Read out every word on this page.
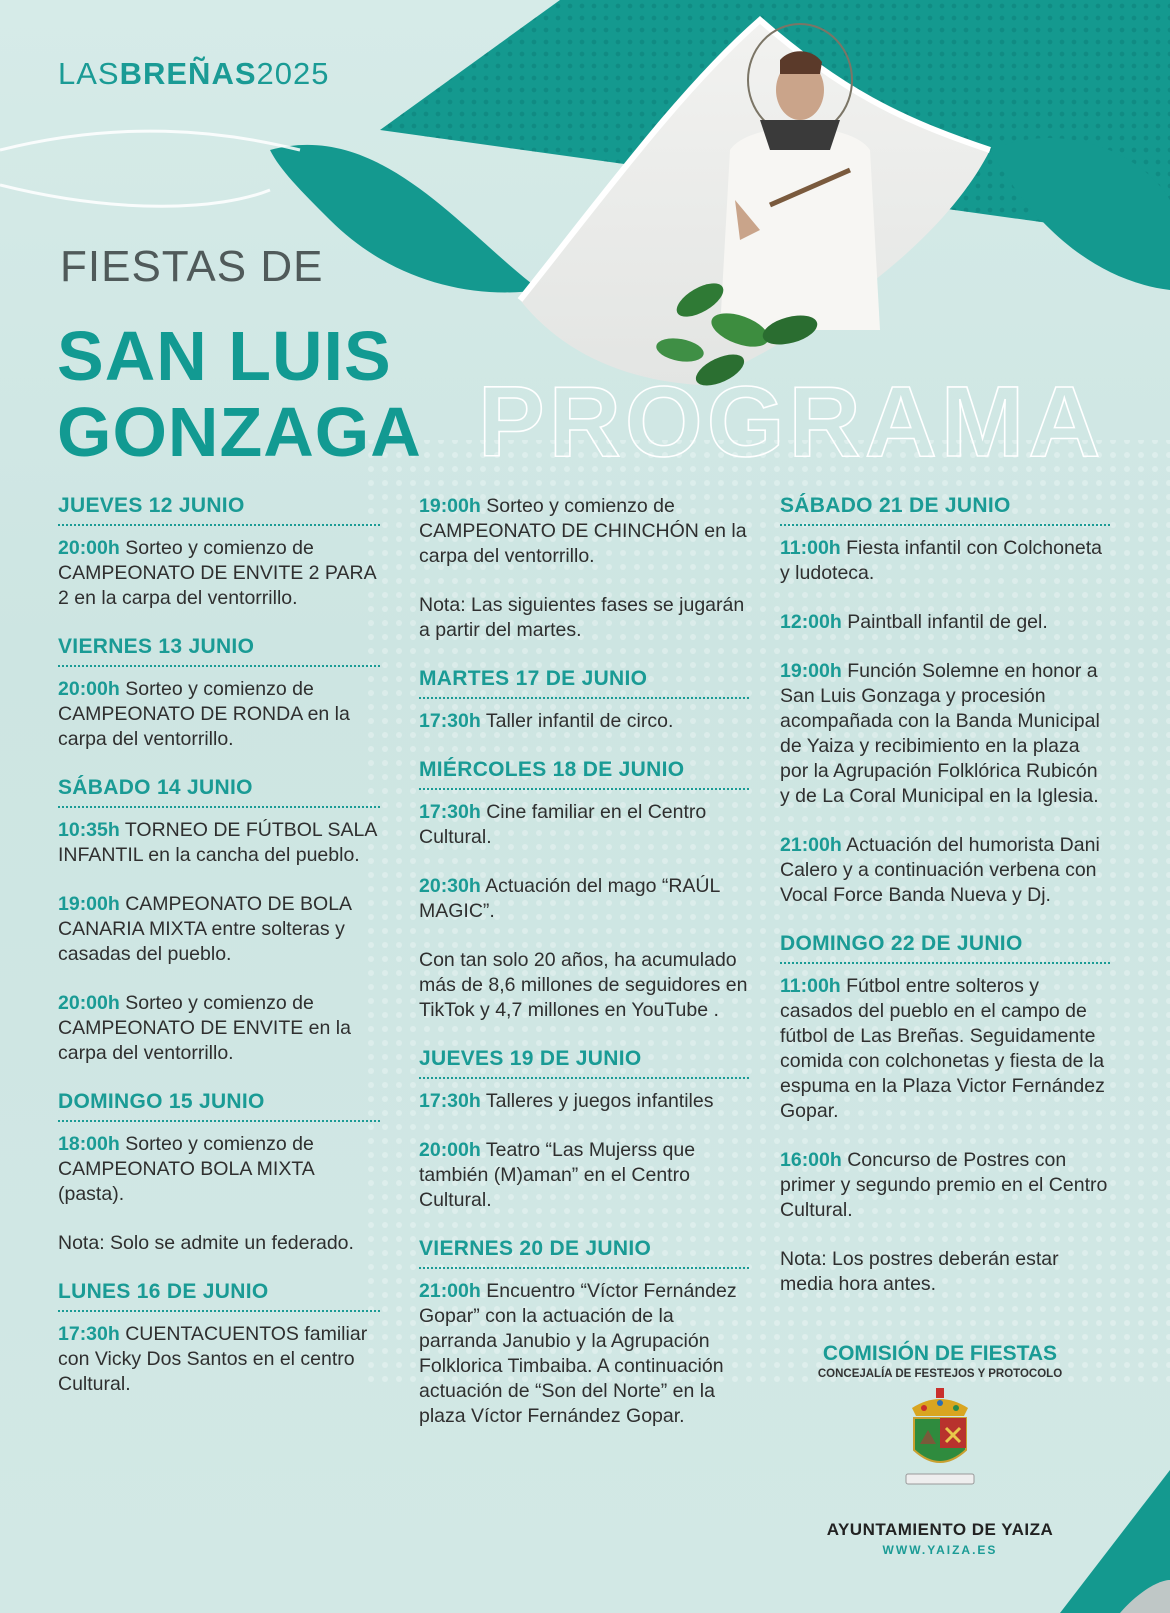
LASBREÑAS2025
FIESTAS DE
SAN LUIS
GONZAGA PROGRAMA
JUEVES 12 JUNIO
20:00h Sorteo y comienzo de CAMPEONATO DE ENVITE 2 PARA 2 en la carpa del ventorrillo.
VIERNES 13 JUNIO
20:00h Sorteo y comienzo de CAMPEONATO DE RONDA en la carpa del ventorrillo.
SÁBADO 14 JUNIO
10:35h TORNEO DE FÚTBOL SALA INFANTIL en la cancha del pueblo.
19:00h CAMPEONATO DE BOLA CANARIA MIXTA entre solteras y casadas del pueblo.
20:00h Sorteo y comienzo de CAMPEONATO DE ENVITE en la carpa del ventorrillo.
DOMINGO 15 JUNIO
18:00h Sorteo y comienzo de CAMPEONATO BOLA MIXTA (pasta).
Nota: Solo se admite un federado.
LUNES 16 DE JUNIO
17:30h CUENTACUENTOS familiar con Vicky Dos Santos en el centro Cultural.
19:00h Sorteo y comienzo de CAMPEONATO DE CHINCHÓN en la carpa del ventorrillo.
Nota: Las siguientes fases se jugarán a partir del martes.
MARTES 17 DE JUNIO
17:30h Taller infantil de circo.
MIÉRCOLES 18 DE JUNIO
17:30h Cine familiar en el Centro Cultural.
20:30h Actuación del mago “RAÚL MAGIC”.
Con tan solo 20 años, ha acumulado más de 8,6 millones de seguidores en TikTok y 4,7 millones en YouTube .
JUEVES 19 DE JUNIO
17:30h Talleres y juegos infantiles
20:00h Teatro “Las Mujerss que también (M)aman” en el Centro Cultural.
VIERNES 20 DE JUNIO
21:00h Encuentro “Víctor Fernández Gopar” con la actuación de la parranda Janubio y la Agrupación Folklorica Timbaiba. A continuación actuación de “Son del Norte” en la plaza Víctor Fernández Gopar.
SÁBADO 21 DE JUNIO
11:00h Fiesta infantil con Colchoneta y ludoteca.
12:00h Paintball infantil de gel.
19:00h Función Solemne en honor a San Luis Gonzaga y procesión acompañada con la Banda Municipal de Yaiza y recibimiento en la plaza por la Agrupación Folklórica Rubicón y de La Coral Municipal en la Iglesia.
21:00h Actuación del humorista Dani Calero y a continuación verbena con Vocal Force Banda Nueva y Dj.
DOMINGO 22 DE JUNIO
11:00h Fútbol entre solteros y casados del pueblo en el campo de fútbol de Las Breñas. Seguidamente comida con colchonetas y fiesta de la espuma en la Plaza Victor Fernández Gopar.
16:00h Concurso de Postres con primer y segundo premio en el Centro Cultural.
Nota: Los postres deberán estar media hora antes.
COMISIÓN DE FIESTAS
CONCEJALÍA DE FESTEJOS Y PROTOCOLO
AYUNTAMIENTO DE YAIZA
WWW.YAIZA.ES
